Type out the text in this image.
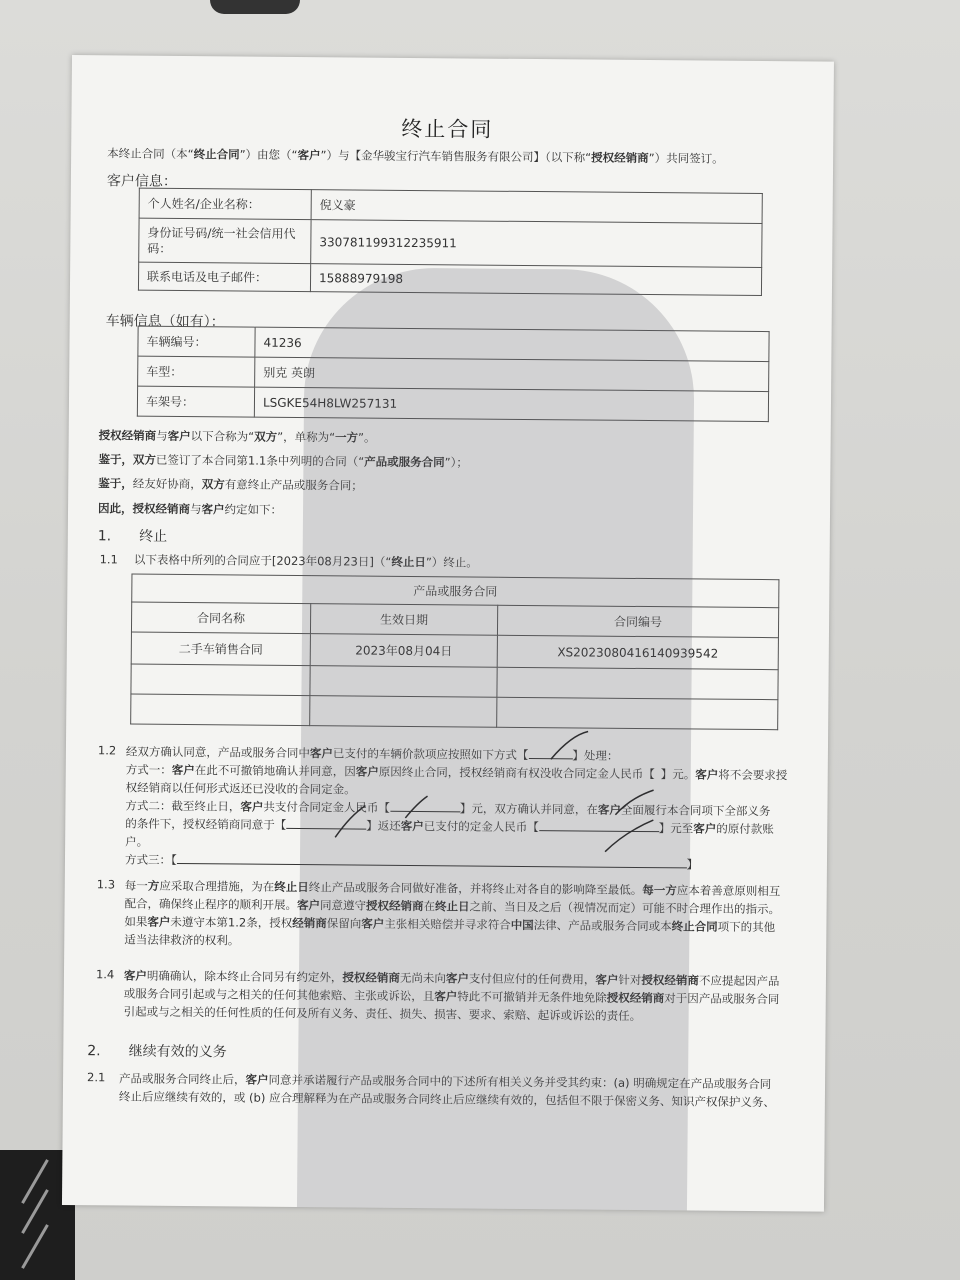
终止合同
本终止合同（本“终止合同”）由您（“客户”）与【金华骏宝行汽车销售服务有限公司】（以下称“授权经销商”）共同签订。
客户信息：
个人姓名/企业名称：	倪义豪
身份证号码/统一社会信用代码：	330781199312235911
联系电话及电子邮件：	15888979198
车辆信息（如有）：
车辆编号：	41236
车型：	别克 英朗
车架号：	LSGKE54H8LW257131
授权经销商与客户以下合称为“双方”，单称为“一方”。
鉴于，双方已签订了本合同第1.1条中列明的合同（“产品或服务合同”）；
鉴于，经友好协商，双方有意终止产品或服务合同；
因此，授权经销商与客户约定如下：
1. 终止
1.1 以下表格中所列的合同应于[2023年08月23日]（“终止日”）终止。
产品或服务合同		
合同名称	生效日期	合同编号
二手车销售合同	2023年08月04日	XS2023080416140939542

1.2 经双方确认同意，产品或服务合同中客户已支付的车辆价款项应按照如下方式【	】处理：
方式一：客户在此不可撤销地确认并同意，因客户原因终止合同，授权经销商有权没收合同定金人民币【 】元。客户将不会要求授
权经销商以任何形式返还已没收的合同定金。
方式二：截至终止日，客户共支付合同定金人民币【	】元，双方确认并同意，在客户全面履行本合同项下全部义务
的条件下，授权经销商同意于【	】返还客户已支付的定金人民币【	】元至客户的原付款账
户。
方式三：【	】
1.3 每一方应采取合理措施，为在终止日终止产品或服务合同做好准备，并将终止对各自的影响降至最低。每一方应本着善意原则相互
配合，确保终止程序的顺利开展。客户同意遵守授权经销商在终止日之前、当日及之后（视情况而定）可能不时合理作出的指示。
如果客户未遵守本第1.2条，授权经销商保留向客户主张相关赔偿并寻求符合中国法律、产品或服务合同或本终止合同项下的其他
适当法律救济的权利。
1.4 客户明确确认，除本终止合同另有约定外，授权经销商无尚未向客户支付但应付的任何费用，客户针对授权经销商不应提起因产品
或服务合同引起或与之相关的任何其他索赔、主张或诉讼，且客户特此不可撤销并无条件地免除授权经销商对于因产品或服务合同
引起或与之相关的任何性质的任何及所有义务、责任、损失、损害、要求、索赔、起诉或诉讼的责任。
2. 继续有效的义务
2.1 产品或服务合同终止后，客户同意并承诺履行产品或服务合同中的下述所有相关义务并受其约束：(a) 明确规定在产品或服务合同
终止后应继续有效的，或 (b) 应合理解释为在产品或服务合同终止后应继续有效的，包括但不限于保密义务、知识产权保护义务、
